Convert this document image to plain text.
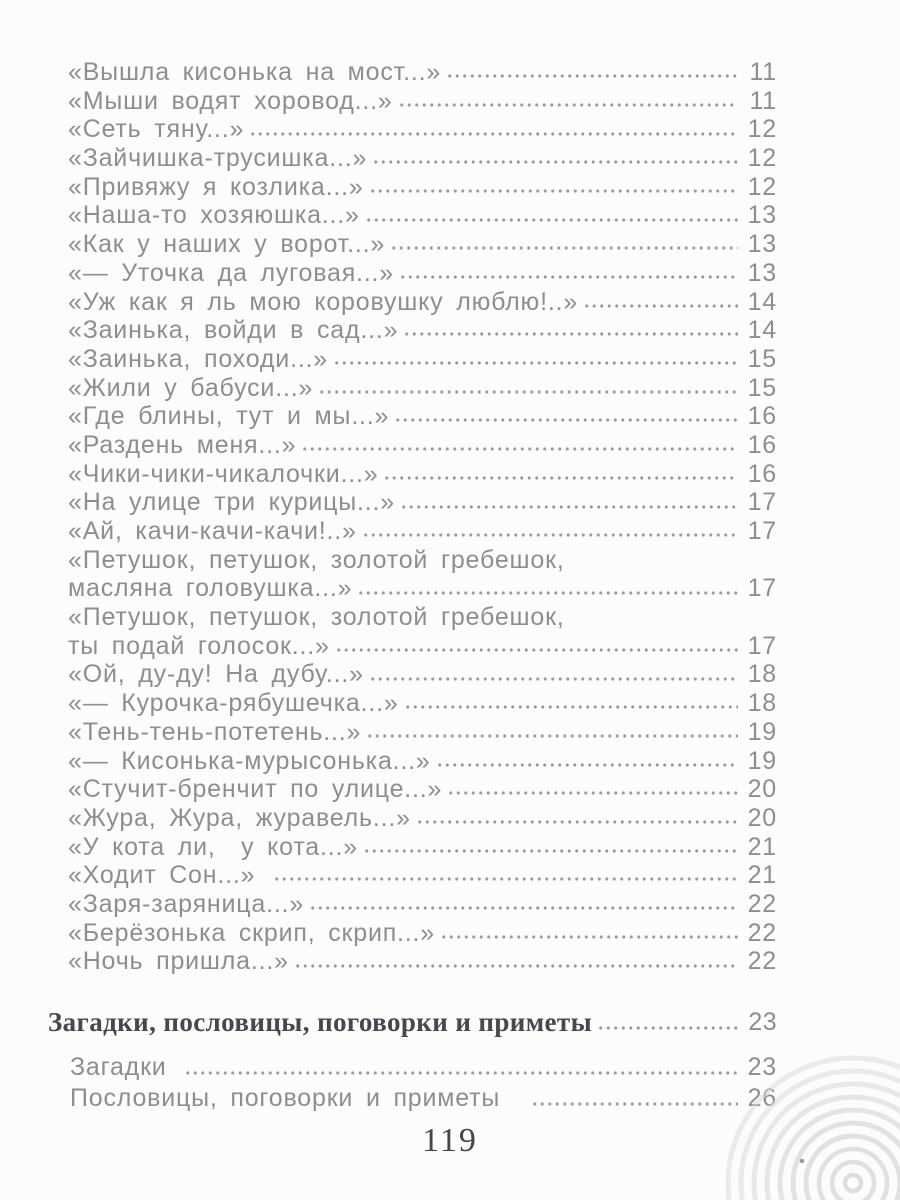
«Вышла кисонька на мост...»	11
«Мыши водят хоровод...»	11
«Сеть тяну...»	12
«Зайчишка-трусишка...»	12
«Привяжу я козлика...»	12
«Наша-то хозяюшка...»	13
«Как у наших у ворот...»	13
«— Уточка да луговая...»	13
«Уж как я ль мою коровушку люблю!..»	14
«Заинька, войди в сад...»	14
«Заинька, походи...»	15
«Жили у бабуси...»	15
«Где блины, тут и мы...»	16
«Раздень меня...»	16
«Чики-чики-чикалочки...»	16
«На улице три курицы...»	17
«Ай, качи-качи-качи!..»	17
«Петушок, петушок, золотой гребешок,
масляна головушка...»	17
«Петушок, петушок, золотой гребешок,
ты подай голосок...»	17
«Ой, ду-ду! На дубу...»	18
«— Курочка-рябушечка...»	18
«Тень-тень-потетень...»	19
«— Кисонька-мурысонька...»	19
«Стучит-бренчит по улице...»	20
«Жура, Жура, журавель...»	20
«У кота ли,  у кота...»	21
«Ходит Сон...»	21
«Заря-заряница...»	22
«Берёзонька скрип, скрип...»	22
«Ночь пришла...»	22
Загадки, пословицы, поговорки и приметы	23
Загадки	23
Пословицы, поговорки и приметы	26
119
